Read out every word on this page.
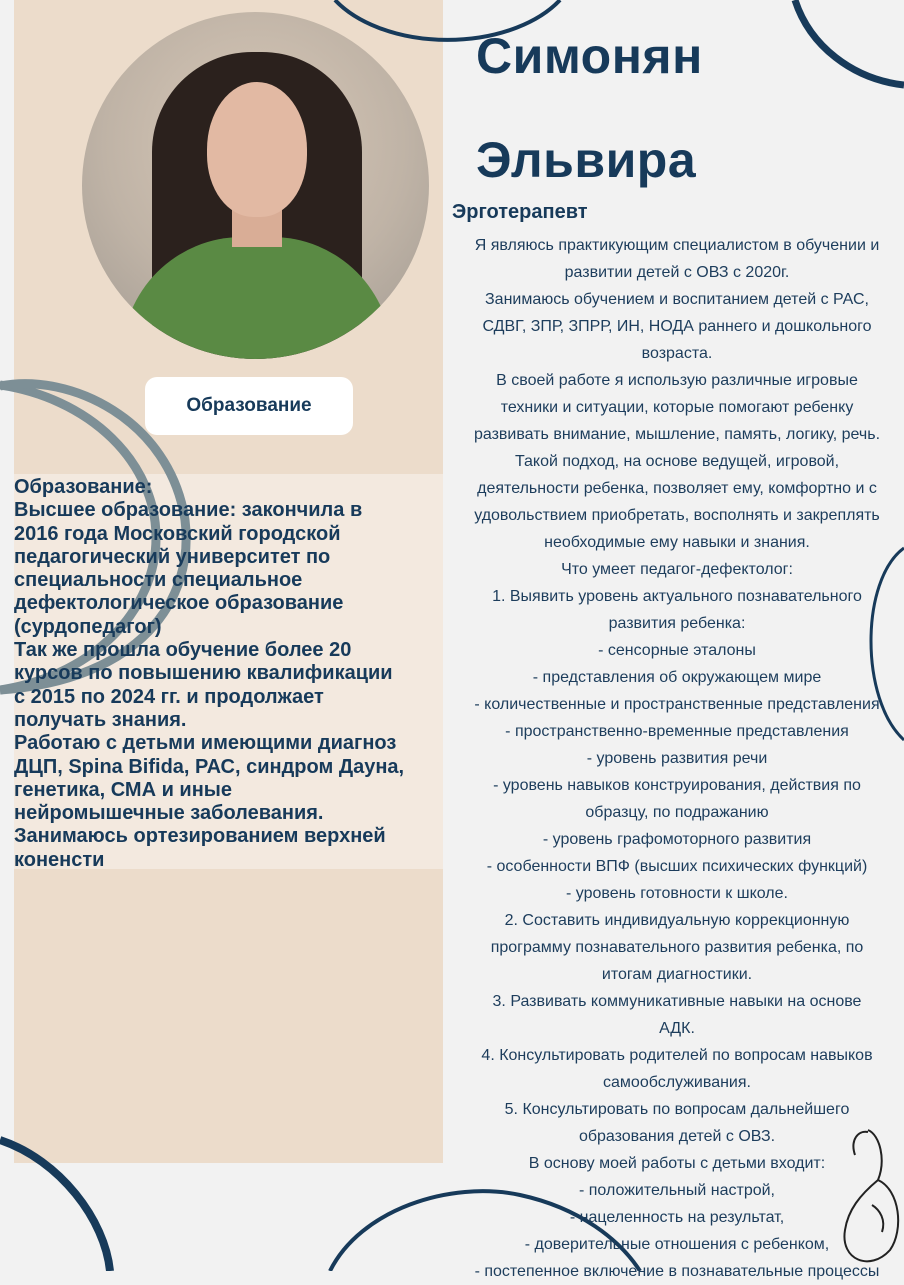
Образование

Образование:

Высшее образование: закончила в

2016 года Московский городской

педагогический университет по

специальности специальное

дефектологическое образование

(сурдопедагог)

Так же прошла обучение более 20

курсов по повышению квалификации

с 2015 по 2024 гг. и продолжает

получать знания.

Работаю с детьми имеющими диагноз

ДЦП, Spina Bifida, РАС, синдром Дауна,

генетика, СМА и иные

нейромышечные заболевания.

Занимаюсь ортезированием верхней

коненсти

Симонян
Эльвира
Эрготерапевт
Я являюсь практикующим специалистом в обучении и
развитии детей с ОВЗ с 2020г.
Занимаюсь обучением и воспитанием детей с РАС,
СДВГ, ЗПР, ЗПРР, ИН, НОДА раннего и дошкольного
возраста.
В своей работе я использую различные игровые
техники и ситуации, которые помогают ребенку
развивать внимание, мышление, память, логику, речь.
Такой подход, на основе ведущей, игровой,
деятельности ребенка, позволяет ему, комфортно и с
удовольствием приобретать, восполнять и закреплять
необходимые ему навыки и знания.
Что умеет педагог-дефектолог:
1. Выявить уровень актуального познавательного
развития ребенка:
- сенсорные эталоны
- представления об окружающем мире
- количественные и пространственные представления
- пространственно-временные представления
- уровень развития речи
- уровень навыков конструирования, действия по
образцу, по подражанию
- уровень графомоторного развития
- особенности ВПФ (высших психических функций)
- уровень готовности к школе.
2. Составить индивидуальную коррекционную
программу познавательного развития ребенка, по
итогам диагностики.
3. Развивать коммуникативные навыки на основе
АДК.
4. Консультировать родителей по вопросам навыков
самообслуживания.
5. Консультировать по вопросам дальнейшего
образования детей с ОВЗ.
В основу моей работы с детьми входит:
- положительный настрой,
- нацеленность на результат,
- доверительные отношения с ребенком,
- постепенное включение в познавательные процессы
